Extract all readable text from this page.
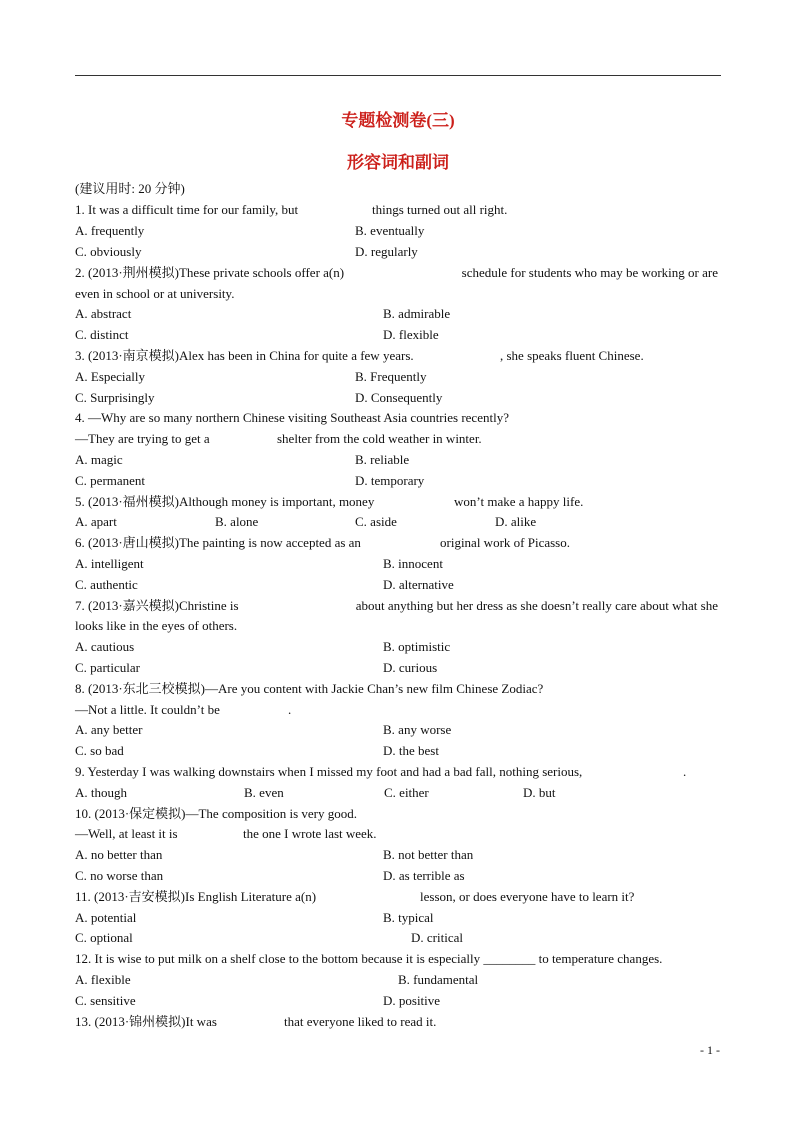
专题检测卷(三)
形容词和副词
(建议用时: 20 分钟)
1. It was a difficult time for our family, but	things turned out all right.
A. frequently	B. eventually
C. obviously	D. regularly
2. (2013·荆州模拟)These private schools offer a(n)	schedule for students who may be working or are
even in school or at university.
A. abstract	B. admirable
C. distinct	D. flexible
3. (2013·南京模拟)Alex has been in China for quite a few years.	, she speaks fluent Chinese.
A. Especially	B. Frequently
C. Surprisingly	D. Consequently
4. —Why are so many northern Chinese visiting Southeast Asia countries recently?
—They are trying to get a	shelter from the cold weather in winter.
A. magic	B. reliable
C. permanent	D. temporary
5. (2013·福州模拟)Although money is important, money	won’t make a happy life.
A. apart	B. alone	C. aside	D. alike
6. (2013·唐山模拟)The painting is now accepted as an	original work of Picasso.
A. intelligent	B. innocent
C. authentic	D. alternative
7. (2013·嘉兴模拟)Christine is	about anything but her dress as she doesn’t really care about what she
looks like in the eyes of others.
A. cautious	B. optimistic
C. particular	D. curious
8. (2013·东北三校模拟)—Are you content with Jackie Chan’s new film Chinese Zodiac?
—Not a little. It couldn’t be	.
A. any better	B. any worse
C. so bad	D. the best
9. Yesterday I was walking downstairs when I missed my foot and had a bad fall, nothing serious,	.
A. though	B. even	C. either	D. but
10. (2013·保定模拟)—The composition is very good.
—Well, at least it is	the one I wrote last week.
A. no better than	B. not better than
C. no worse than	D. as terrible as
11. (2013·吉安模拟)Is English Literature a(n)	lesson, or does everyone have to learn it?
A. potential	B. typical
C. optional	D. critical
12. It is wise to put milk on a shelf close to the bottom because it is especially ________ to temperature changes.
A. flexible	B. fundamental
C. sensitive	D. positive
13. (2013·锦州模拟)It was	that everyone liked to read it.
- 1 -
